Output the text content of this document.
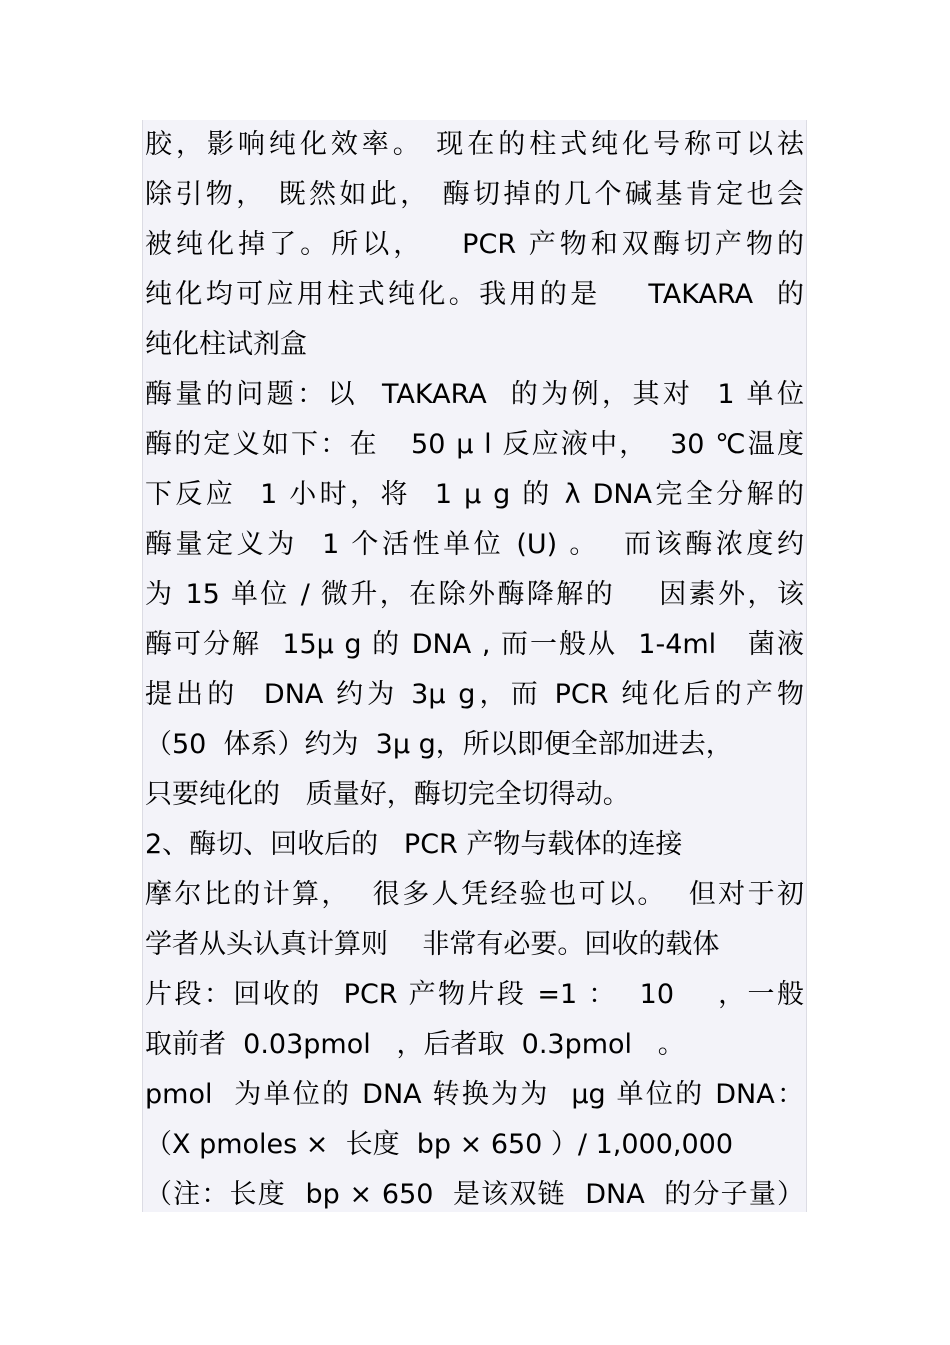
胶，影响纯化效率。 现在的柱式纯化号称可以祛
除引物， 既然如此， 酶切掉的几个碱基肯定也会
被纯化掉了。所以，   PCR 产物和双酶切产物的
纯化均可应用柱式纯化。我用的是    TAKARA  的
纯化柱试剂盒
酶量的问题：以  TAKARA  的为例，其对  1 单位
酶的定义如下：在   50 μ l 反应液中，  30 ℃温度
下反应  1 小时，将  1 μ g 的 λ DNA完全分解的
酶量定义为  1 个活性单位 (U) 。  而该酶浓度约
为 15 单位 / 微升，在除外酶降解的    因素外，该
酶可分解  15μ g 的 DNA , 而一般从  1-4ml   菌液
提出的  DNA 约为 3μ g，而 PCR 纯化后的产物
（50  体系）约为  3μ g，所以即便全部加进去，
只要纯化的   质量好，酶切完全切得动。
2、酶切、回收后的   PCR 产物与载体的连接
摩尔比的计算，  很多人凭经验也可以。  但对于初
学者从头认真计算则    非常有必要。回收的载体
片段：回收的  PCR 产物片段 =1 ：  10    ，一般
取前者  0.03pmol   ，后者取  0.3pmol   。
pmol  为单位的 DNA 转换为为  μg 单位的 DNA：
（X pmoles ×  长度  bp × 650 ）/ 1,000,000
（注：长度  bp × 650  是该双链  DNA  的分子量）
